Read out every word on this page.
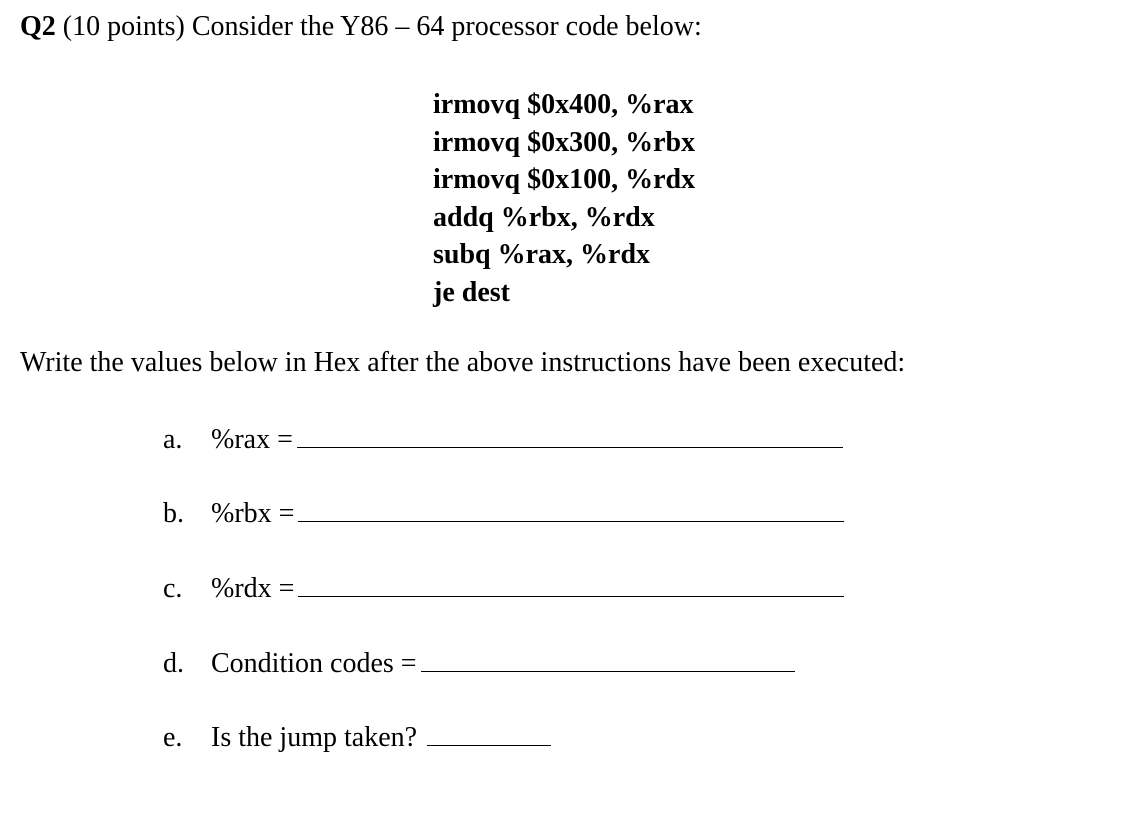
Q2 (10 points) Consider the Y86 – 64 processor code below:
irmovq $0x400, %rax
irmovq $0x300, %rbx
irmovq $0x100, %rdx
addq %rbx, %rdx
subq %rax, %rdx
je dest
Write the values below in Hex after the above instructions have been executed:
a.	%rax =
b. %rbx =
c.	%rdx =
d. Condition codes =
e.	Is the jump taken?
